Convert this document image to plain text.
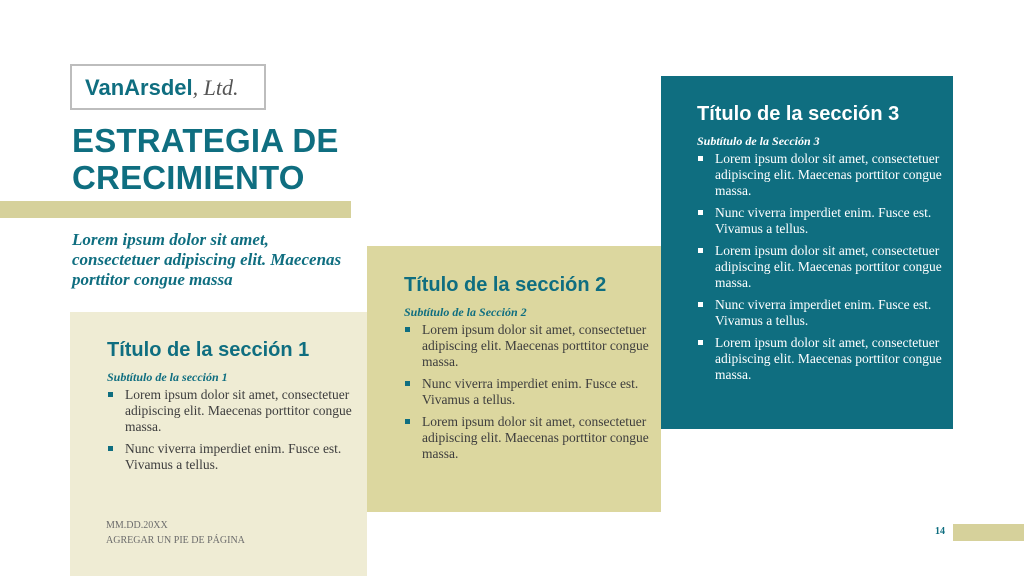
VanArsdel, Ltd.
ESTRATEGIA DE
CRECIMIENTO
Lorem ipsum dolor sit amet, consectetuer adipiscing elit. Maecenas porttitor congue massa
Título de la sección 1
Subtítulo de la sección 1
Lorem ipsum dolor sit amet, consectetuer adipiscing elit. Maecenas porttitor congue massa.
Nunc viverra imperdiet enim. Fusce est. Vivamus a tellus.
Título de la sección 2
Subtítulo de la Sección 2
Lorem ipsum dolor sit amet, consectetuer adipiscing elit. Maecenas porttitor congue massa.
Nunc viverra imperdiet enim. Fusce est. Vivamus a tellus.
Lorem ipsum dolor sit amet, consectetuer adipiscing elit. Maecenas porttitor congue massa.
Título de la sección 3
Subtítulo de la Sección 3
Lorem ipsum dolor sit amet, consectetuer adipiscing elit. Maecenas porttitor congue massa.
Nunc viverra imperdiet enim. Fusce est. Vivamus a tellus.
Lorem ipsum dolor sit amet, consectetuer adipiscing elit. Maecenas porttitor congue massa.
Nunc viverra imperdiet enim. Fusce est. Vivamus a tellus.
Lorem ipsum dolor sit amet, consectetuer adipiscing elit. Maecenas porttitor congue massa.
MM.DD.20XX
AGREGAR UN PIE DE PÁGINA
14
